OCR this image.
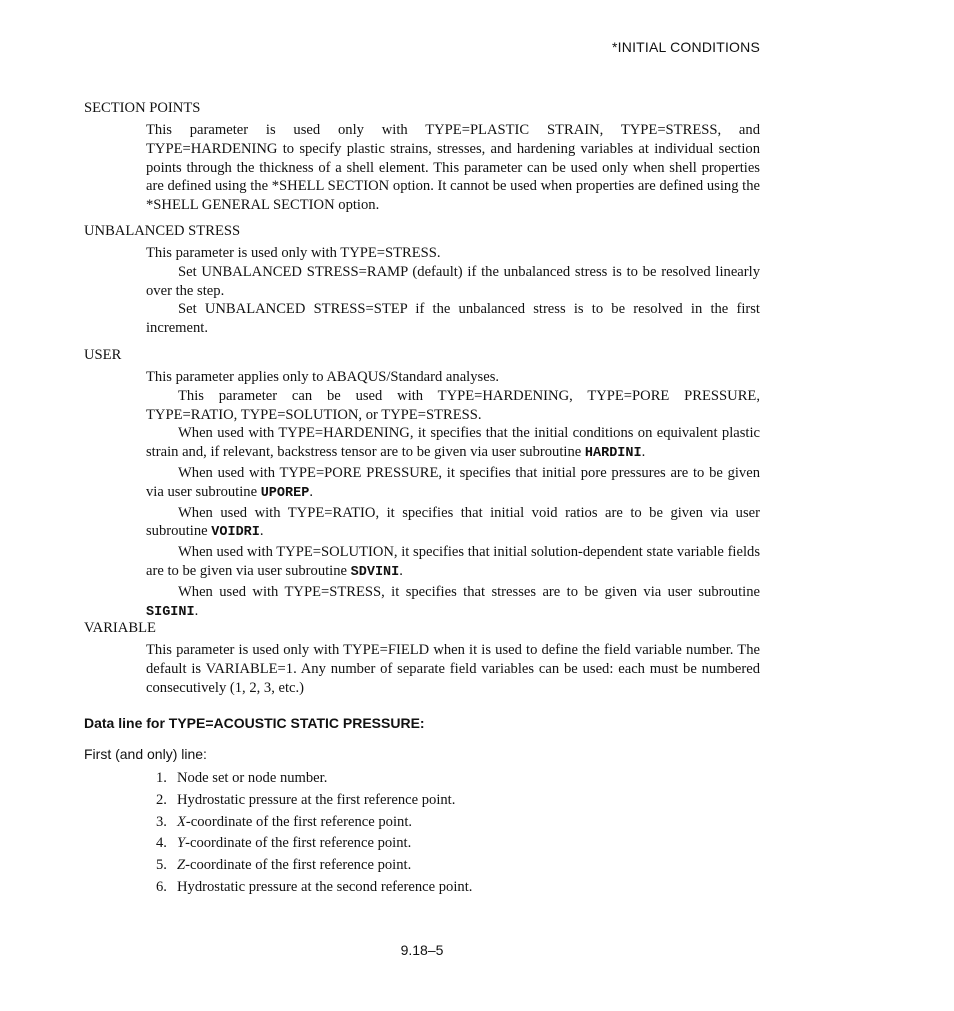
*INITIAL CONDITIONS
SECTION POINTS

This parameter is used only with TYPE=PLASTIC STRAIN, TYPE=STRESS, and TYPE=HARDENING to specify plastic strains, stresses, and hardening variables at individual section points through the thickness of a shell element. This parameter can be used only when shell properties are defined using the *SHELL SECTION option. It cannot be used when properties are defined using the *SHELL GENERAL SECTION option.

UNBALANCED STRESS

This parameter is used only with TYPE=STRESS.

Set UNBALANCED STRESS=RAMP (default) if the unbalanced stress is to be resolved linearly over the step.

Set UNBALANCED STRESS=STEP if the unbalanced stress is to be resolved in the first increment.

USER

This parameter applies only to ABAQUS/Standard analyses.

This parameter can be used with TYPE=HARDENING, TYPE=PORE PRESSURE, TYPE=RATIO, TYPE=SOLUTION, or TYPE=STRESS.

When used with TYPE=HARDENING, it specifies that the initial conditions on equivalent plastic strain and, if relevant, backstress tensor are to be given via user subroutine HARDINI.

When used with TYPE=PORE PRESSURE, it specifies that initial pore pressures are to be given via user subroutine UPOREP.

When used with TYPE=RATIO, it specifies that initial void ratios are to be given via user subroutine VOIDRI.

When used with TYPE=SOLUTION, it specifies that initial solution-dependent state variable fields are to be given via user subroutine SDVINI.

When used with TYPE=STRESS, it specifies that stresses are to be given via user subroutine SIGINI.

VARIABLE

This parameter is used only with TYPE=FIELD when it is used to define the field variable number. The default is VARIABLE=1. Any number of separate field variables can be used: each must be numbered consecutively (1, 2, 3, etc.)

Data line for TYPE=ACOUSTIC STATIC PRESSURE:
First (and only) line:
1. Node set or node number.
2. Hydrostatic pressure at the first reference point.
3. X-coordinate of the first reference point.
4. Y-coordinate of the first reference point.
5. Z-coordinate of the first reference point.
6. Hydrostatic pressure at the second reference point.
9.18–5
